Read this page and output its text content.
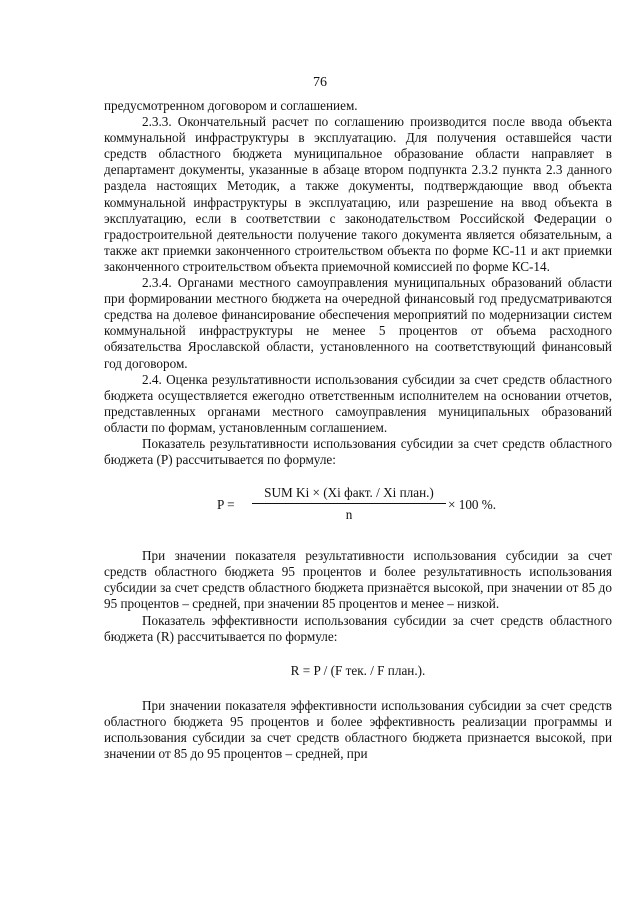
76

предусмотренном договором и соглашением.

2.3.3. Окончательный расчет по соглашению производится после ввода объекта коммунальной инфраструктуры в эксплуатацию. Для получения оставшейся части средств областного бюджета муниципальное образование области направляет в департамент документы, указанные в абзаце втором подпункта 2.3.2 пункта 2.3 данного раздела настоящих Методик, а также документы, подтверждающие ввод объекта коммунальной инфраструктуры в эксплуатацию, или разрешение на ввод объекта в эксплуатацию, если в соответствии с законодательством Российской Федерации о градостроительной деятельности получение такого документа является обязательным, а также акт приемки законченного строительством объекта по форме КС-11 и акт приемки законченного строительством объекта приемочной комиссией по форме КС-14.

2.3.4. Органами местного самоуправления муниципальных образований области при формировании местного бюджета на очередной финансовый год предусматриваются средства на долевое финансирование обеспечения мероприятий по модернизации систем коммунальной инфраструктуры не менее 5 процентов от объема расходного обязательства Ярославской области, установленного на соответствующий финансовый год договором.

2.4. Оценка результативности использования субсидии за счет средств областного бюджета осуществляется ежегодно ответственным исполнителем на основании отчетов, представленных органами местного самоуправления муниципальных образований области по формам, установленным соглашением.

Показатель результативности использования субсидии за счет средств областного бюджета (P) рассчитывается по формуле:

P =
SUM Ki × (Xi факт. / Xi план.)
n
× 100 %.

При значении показателя результативности использования субсидии за счет средств областного бюджета 95 процентов и более результативность использования субсидии за счет средств областного бюджета признаётся высокой, при значении от 85 до 95 процентов – средней, при значении 85 процентов и менее – низкой.

Показатель эффективности использования субсидии за счет средств областного бюджета (R) рассчитывается по формуле:

R = P / (F тек. / F план.).

При значении показателя эффективности использования субсидии за счет средств областного бюджета 95 процентов и более эффективность реализации программы и использования субсидии за счет средств областного бюджета признается высокой, при значении от 85 до 95 процентов – средней, при
